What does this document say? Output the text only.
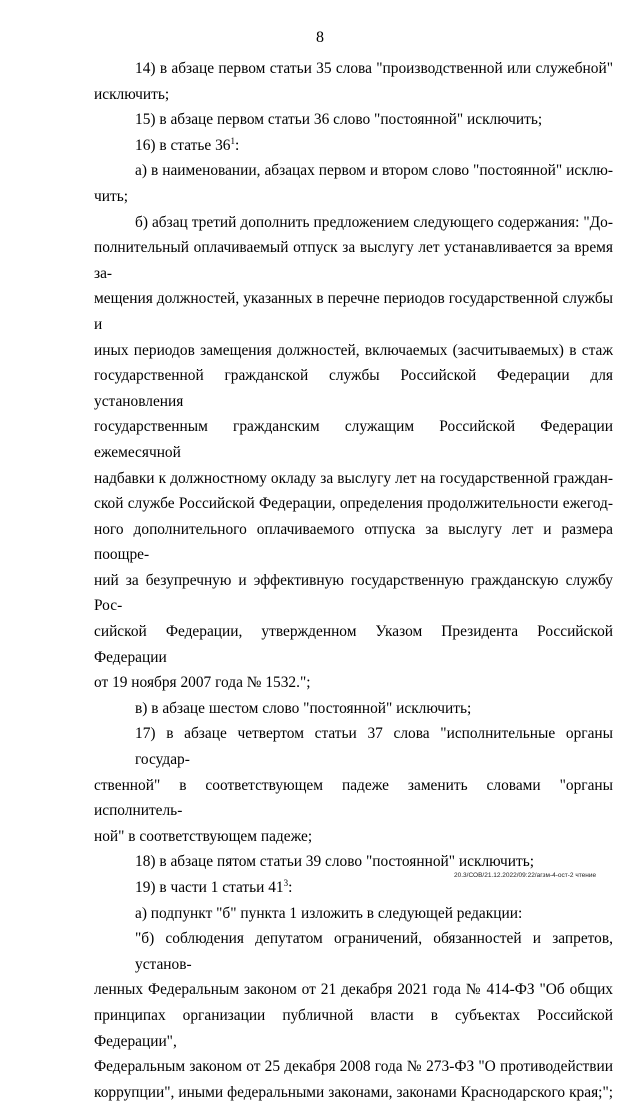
8
14) в абзаце первом статьи 35 слова "производственной или служебной"
исключить;
15) в абзаце первом статьи 36 слово "постоянной" исключить;
16) в статье $36^1$:
а) в наименовании, абзацах первом и втором слово "постоянной" исклю-
чить;
б) абзац третий дополнить предложением следующего содержания: "До-
полнительный оплачиваемый отпуск за выслугу лет устанавливается за время за-
мещения должностей, указанных в перечне периодов государственной службы и
иных периодов замещения должностей, включаемых (засчитываемых) в стаж
государственной гражданской службы Российской Федерации для установления
государственным гражданским служащим Российской Федерации ежемесячной
надбавки к должностному окладу за выслугу лет на государственной граждан-
ской службе Российской Федерации, определения продолжительности ежегод-
ного дополнительного оплачиваемого отпуска за выслугу лет и размера поощре-
ний за безупречную и эффективную государственную гражданскую службу Рос-
сийской Федерации, утвержденном Указом Президента Российской Федерации
от 19 ноября 2007 года № 1532.";
в) в абзаце шестом слово "постоянной" исключить;
17) в абзаце четвертом статьи 37 слова "исполнительные органы государ-
ственной" в соответствующем падеже заменить словами "органы исполнитель-
ной" в соответствующем падеже;
18) в абзаце пятом статьи 39 слово "постоянной" исключить;
19) в части 1 статьи $41^3$:
а) подпункт "б" пункта 1 изложить в следующей редакции:
"б) соблюдения депутатом ограничений, обязанностей и запретов, установ-
ленных Федеральным законом от 21 декабря 2021 года № 414-ФЗ "Об общих
принципах организации публичной власти в субъектах Российской Федерации",
Федеральным законом от 25 декабря 2008 года № 273-ФЗ "О противодействии
коррупции", иными федеральными законами, законами Краснодарского края;";
20.3/СОВ/21.12.2022/09:22/агзм-4-ост-2 чтение
